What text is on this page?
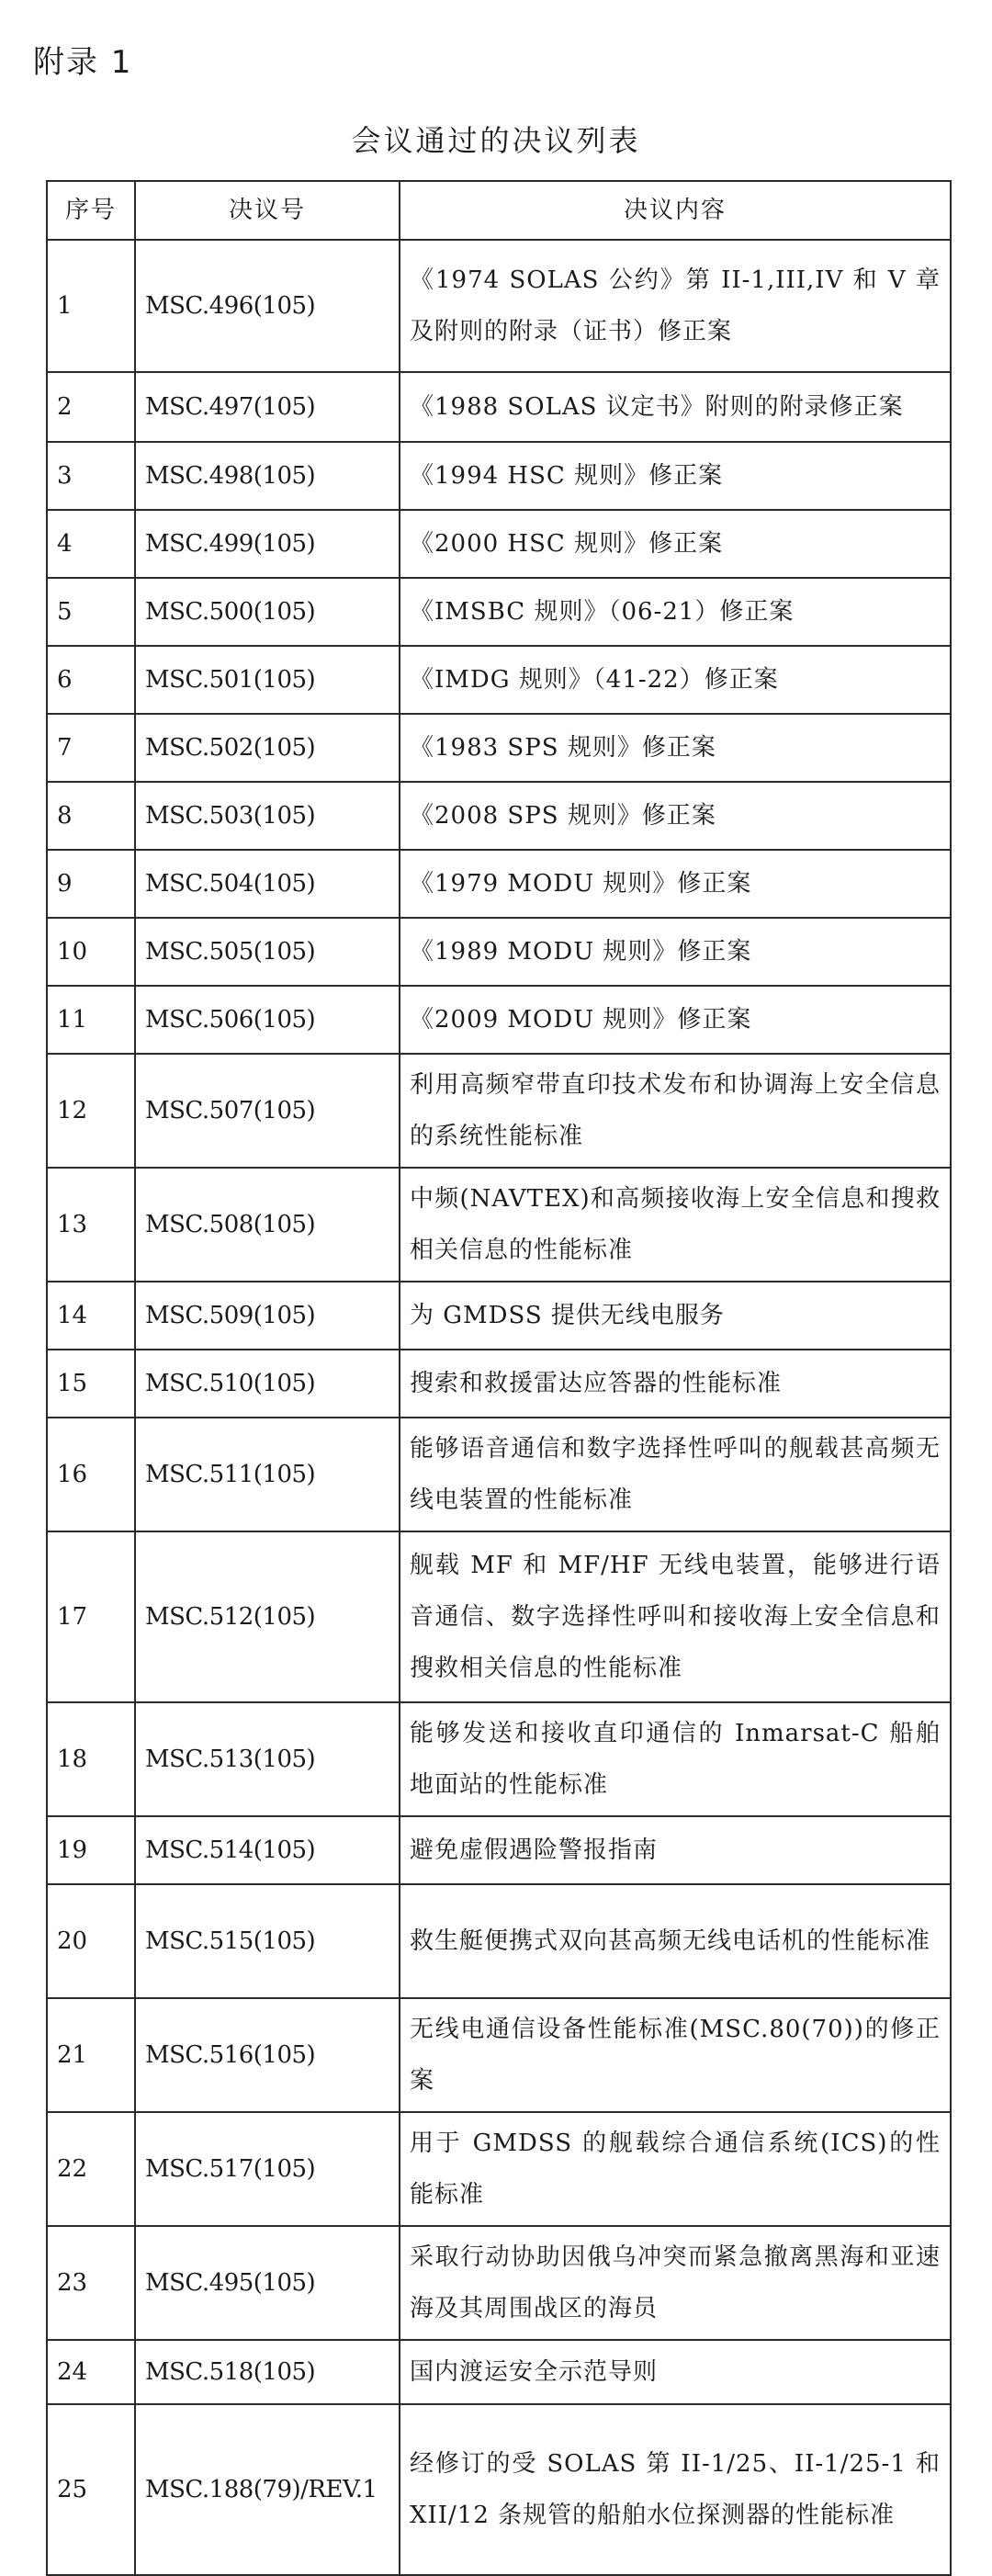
附录 1
会议通过的决议列表
序号	决议号	决议内容
1	MSC.496(105)	《1974 SOLAS 公约》第 II-1,III,IV 和 V 章及附则的附录（证书）修正案
2	MSC.497(105)	《1988 SOLAS 议定书》附则的附录修正案
3	MSC.498(105)	《1994 HSC 规则》修正案
4	MSC.499(105)	《2000 HSC 规则》修正案
5	MSC.500(105)	《IMSBC 规则》（06-21）修正案
6	MSC.501(105)	《IMDG 规则》（41-22）修正案
7	MSC.502(105)	《1983 SPS 规则》修正案
8	MSC.503(105)	《2008 SPS 规则》修正案
9	MSC.504(105)	《1979 MODU 规则》修正案
10	MSC.505(105)	《1989 MODU 规则》修正案
11	MSC.506(105)	《2009 MODU 规则》修正案
12	MSC.507(105)	利用高频窄带直印技术发布和协调海上安全信息的系统性能标准
13	MSC.508(105)	中频(NAVTEX)和高频接收海上安全信息和搜救相关信息的性能标准
14	MSC.509(105)	为 GMDSS 提供无线电服务
15	MSC.510(105)	搜索和救援雷达应答器的性能标准
16	MSC.511(105)	能够语音通信和数字选择性呼叫的舰载甚高频无线电装置的性能标准
17	MSC.512(105)	舰载 MF 和 MF/HF 无线电装置，能够进行语音通信、数字选择性呼叫和接收海上安全信息和搜救相关信息的性能标准
18	MSC.513(105)	能够发送和接收直印通信的 Inmarsat-C 船舶地面站的性能标准
19	MSC.514(105)	避免虚假遇险警报指南
20	MSC.515(105)	救生艇便携式双向甚高频无线电话机的性能标准
21	MSC.516(105)	无线电通信设备性能标准(MSC.80(70))的修正案
22	MSC.517(105)	用于 GMDSS 的舰载综合通信系统(ICS)的性能标准
23	MSC.495(105)	采取行动协助因俄乌冲突而紧急撤离黑海和亚速海及其周围战区的海员
24	MSC.518(105)	国内渡运安全示范导则
25	MSC.188(79)/REV.1	经修订的受 SOLAS 第 II-1/25、II-1/25-1 和 XII/12 条规管的船舶水位探测器的性能标准
